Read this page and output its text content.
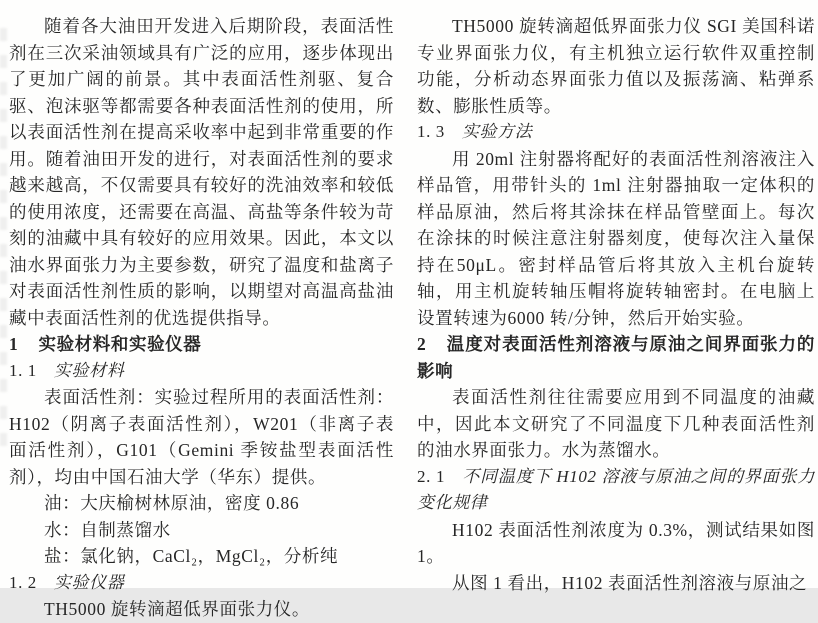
随着各大油田开发进入后期阶段，表面活性剂在三次采油领域具有广泛的应用，逐步体现出了更加广阔的前景。其中表面活性剂驱、复合驱、泡沫驱等都需要各种表面活性剂的使用，所以表面活性剂在提高采收率中起到非常重要的作用。随着油田开发的进行，对表面活性剂的要求越来越高，不仅需要具有较好的洗油效率和较低的使用浓度，还需要在高温、高盐等条件较为苛刻的油藏中具有较好的应用效果。因此，本文以油水界面张力为主要参数，研究了温度和盐离子对表面活性剂性质的影响，以期望对高温高盐油藏中表面活性剂的优选提供指导。

1 实验材料和实验仪器

1. 1 实验材料

表面活性剂：实验过程所用的表面活性剂：H102（阴离子表面活性剂），W201（非离子表面活性剂），G101（Gemini 季铵盐型表面活性剂），均由中国石油大学（华东）提供。

油：大庆榆树林原油，密度 0.86

水：自制蒸馏水

盐：氯化钠，CaCl₂，MgCl₂，分析纯

1. 2 实验仪器

TH5000 旋转滴超低界面张力仪。

TH5000 旋转滴超低界面张力仪 SGI 美国科诺专业界面张力仪，有主机独立运行软件双重控制功能，分析动态界面张力值以及振荡滴、粘弹系数、膨胀性质等。

1. 3 实验方法

用 20ml 注射器将配好的表面活性剂溶液注入样品管，用带针头的 1ml 注射器抽取一定体积的样品原油，然后将其涂抹在样品管壁面上。每次在涂抹的时候注意注射器刻度，使每次注入量保持在50μL。密封样品管后将其放入主机台旋转轴，用主机旋转轴压帽将旋转轴密封。在电脑上设置转速为6000 转/分钟，然后开始实验。

2 温度对表面活性剂溶液与原油之间界面张力的影响

表面活性剂往往需要应用到不同温度的油藏中，因此本文研究了不同温度下几种表面活性剂的油水界面张力。水为蒸馏水。

2. 1 不同温度下 H102 溶液与原油之间的界面张力变化规律

H102 表面活性剂浓度为 0.3%，测试结果如图 1。

从图 1 看出，H102 表面活性剂溶液与原油之
